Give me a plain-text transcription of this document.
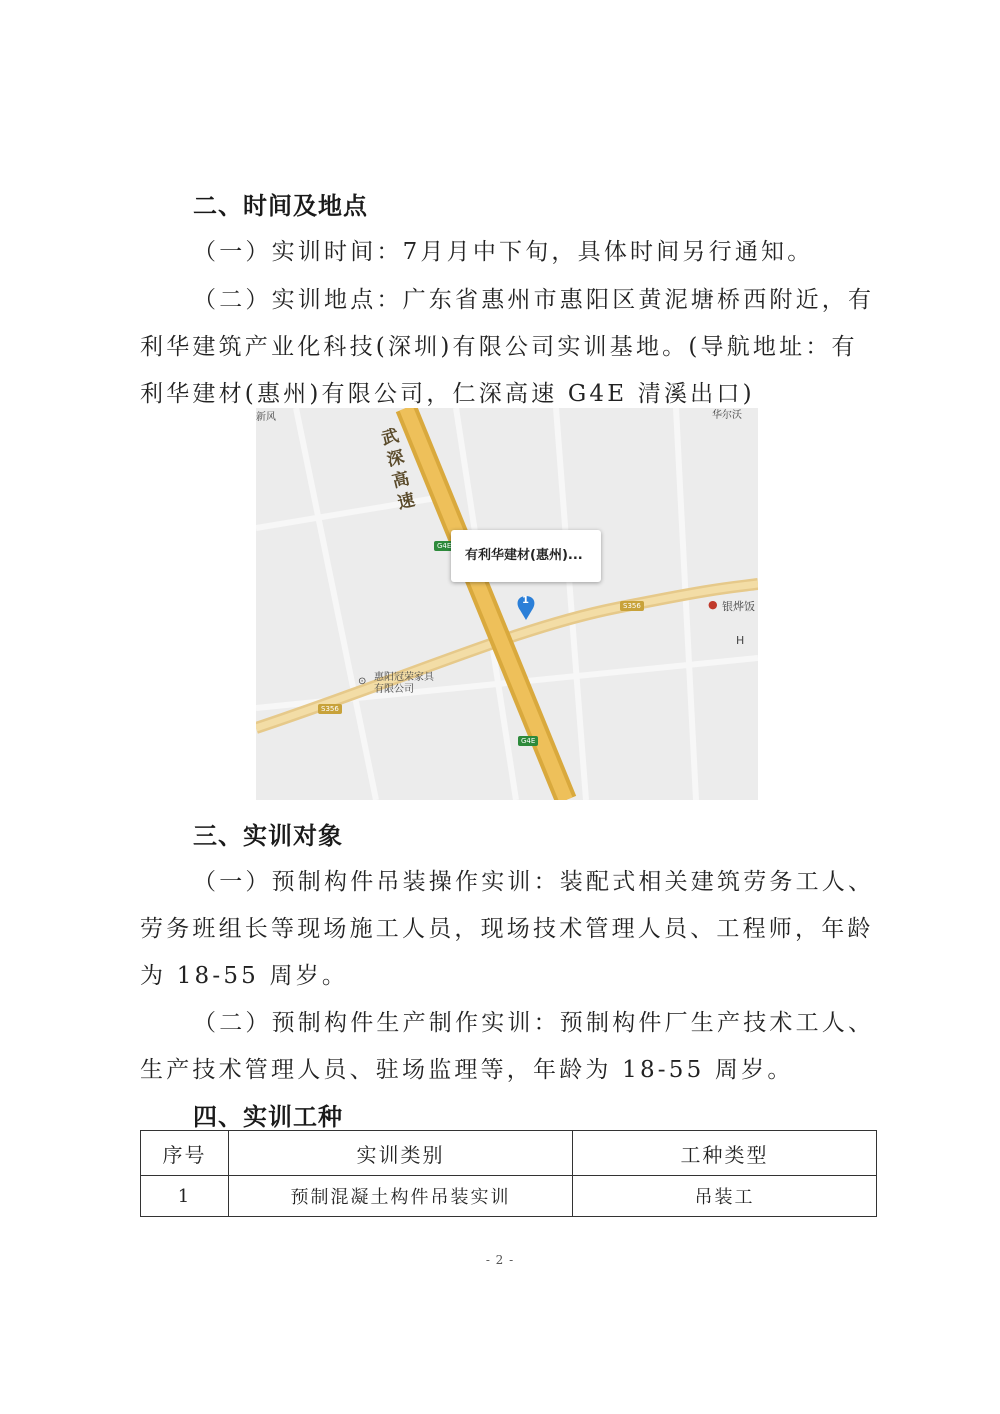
二、时间及地点
（一）实训时间：7月月中下旬，具体时间另行通知。
（二）实训地点：广东省惠州市惠阳区黄泥塘桥西附近，有
利华建筑产业化科技(深圳)有限公司实训基地。(导航地址：有
利华建材(惠州)有限公司，仁深高速 G4E 清溪出口)
新风	华尔沃
武深高速
G4E
G4E
S356
S356
有利华建材(惠州)...
1	● 银烨饭
H
⊙ 惠阳冠荣家具
有限公司
三、实训对象
（一）预制构件吊装操作实训：装配式相关建筑劳务工人、
劳务班组长等现场施工人员，现场技术管理人员、工程师，年龄
为 18-55 周岁。
（二）预制构件生产制作实训：预制构件厂生产技术工人、
生产技术管理人员、驻场监理等，年龄为 18-55 周岁。
四、实训工种
序号	实训类别	工种类型
1	预制混凝土构件吊装实训	吊装工
- 2 -
